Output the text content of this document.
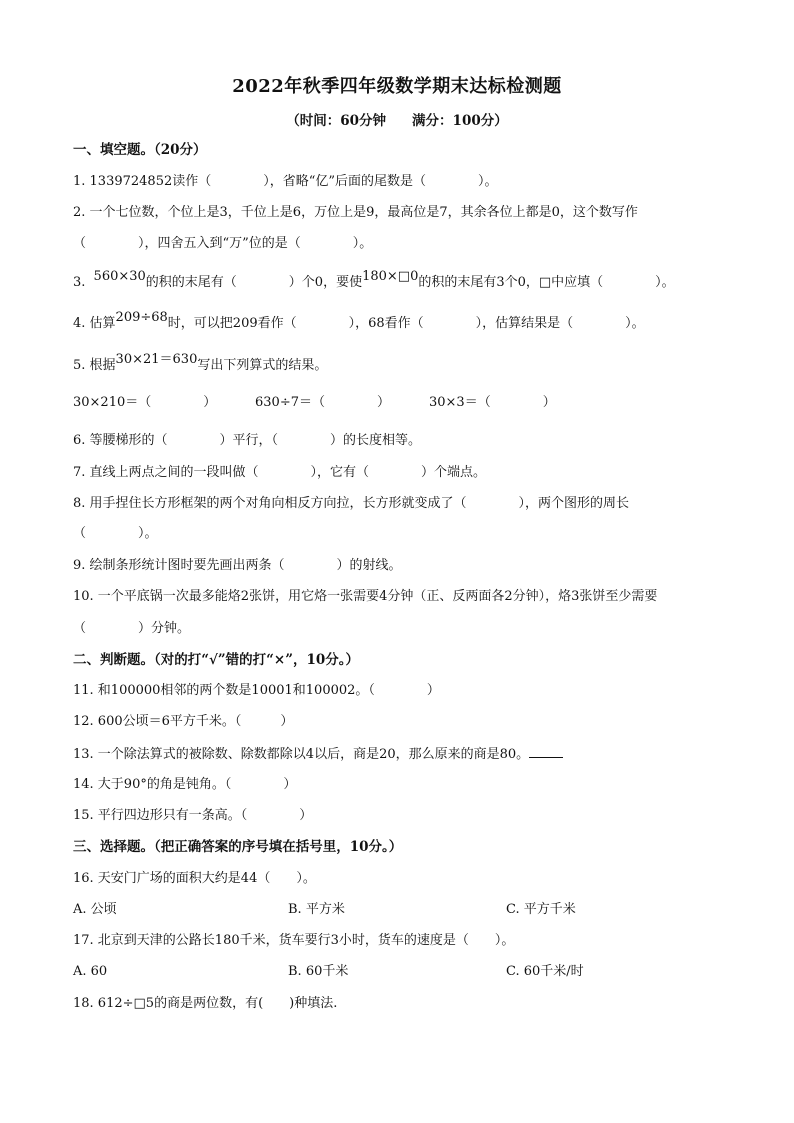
2022年秋季四年级数学期末达标检测题
（时间：60分钟 满分：100分）
一、填空题。（20分）
1. 1339724852读作（　　　　），省略“亿”后面的尾数是（　　　　）。
2. 一个七位数，个位上是3，千位上是6，万位上是9，最高位是7，其余各位上都是0，这个数写作
（　　　　），四舍五入到“万”位的是（　　　　）。
3. 560×30的积的末尾有（　　　　）个0，要使180×□0的积的末尾有3个0，□中应填（　　　　）。
4. 估算209÷68时，可以把209看作（　　　　），68看作（　　　　），估算结果是（　　　　）。
5. 根据30×21＝630写出下列算式的结果。
30×210＝（　　　　）	630÷7＝（　　　　）	30×3＝（　　　　）
6. 等腰梯形的（　　　　）平行，（　　　　）的长度相等。
7. 直线上两点之间的一段叫做（　　　　），它有（　　　　）个端点。
8. 用手捏住长方形框架的两个对角向相反方向拉，长方形就变成了（　　　　），两个图形的周长
（　　　　）。
9. 绘制条形统计图时要先画出两条（　　　　）的射线。
10. 一个平底锅一次最多能烙2张饼，用它烙一张需要4分钟（正、反两面各2分钟），烙3张饼至少需要
（　　　　）分钟。
二、判断题。（对的打“√”错的打“×”，10分。）
11. 和100000相邻的两个数是10001和100002。（　　　　）
12. 600公顷＝6平方千米。（　　　）
13. 一个除法算式的被除数、除数都除以4以后，商是20，那么原来的商是80。
14. 大于90°的角是钝角。（　　　　）
15. 平行四边形只有一条高。（　　　　）
三、选择题。（把正确答案的序号填在括号里，10分。）
16. 天安门广场的面积大约是44（　　）。
A. 公顷	B. 平方米	C. 平方千米
17. 北京到天津的公路长180千米，货车要行3小时，货车的速度是（　　）。
A. 60	B. 60千米	C. 60千米/时
18. 612÷□5的商是两位数，有(　　)种填法.
